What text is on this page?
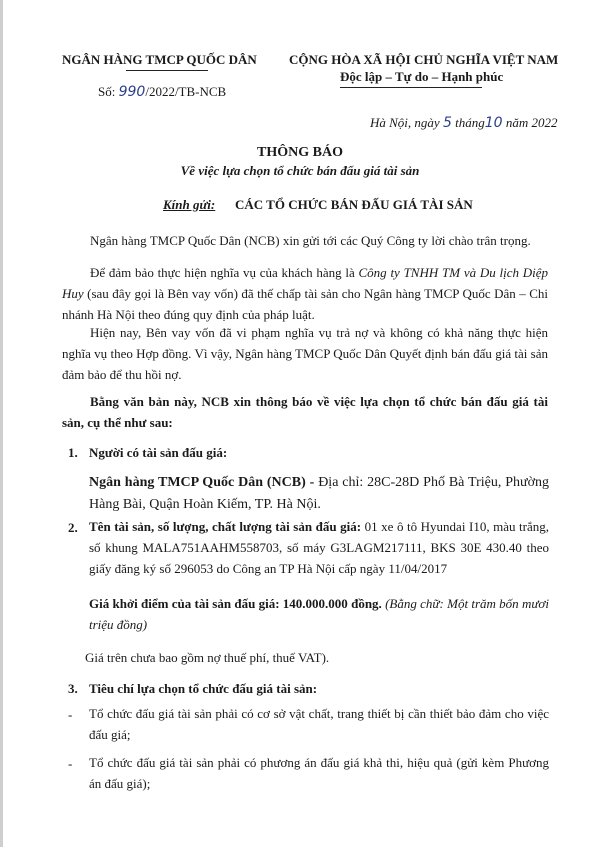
NGÂN HÀNG TMCP QUỐC DÂN
Số: 990/2022/TB-NCB
CỘNG HÒA XÃ HỘI CHỦ NGHĨA VIỆT NAM
Độc lập – Tự do – Hạnh phúc
Hà Nội, ngày 5 tháng10 năm 2022
THÔNG BÁO
Về việc lựa chọn tổ chức bán đấu giá tài sản
Kính gửi: CÁC TỔ CHỨC BÁN ĐẤU GIÁ TÀI SẢN
Ngân hàng TMCP Quốc Dân (NCB) xin gửi tới các Quý Công ty lời chào trân trọng.
Để đảm bảo thực hiện nghĩa vụ của khách hàng là Công ty TNHH TM và Du lịch Diệp Huy (sau đây gọi là Bên vay vốn) đã thế chấp tài sản cho Ngân hàng TMCP Quốc Dân – Chi nhánh Hà Nội theo đúng quy định của pháp luật.
Hiện nay, Bên vay vốn đã vi phạm nghĩa vụ trả nợ và không có khả năng thực hiện nghĩa vụ theo Hợp đồng. Vì vậy, Ngân hàng TMCP Quốc Dân Quyết định bán đấu giá tài sản đảm bảo để thu hồi nợ.
Bằng văn bản này, NCB xin thông báo về việc lựa chọn tổ chức bán đấu giá tài sản, cụ thể như sau:
1. Người có tài sản đấu giá:
Ngân hàng TMCP Quốc Dân (NCB) - Địa chỉ: 28C-28D Phố Bà Triệu, Phường Hàng Bài, Quận Hoàn Kiếm, TP. Hà Nội.
2. Tên tài sản, số lượng, chất lượng tài sản đấu giá: 01 xe ô tô Hyundai I10, màu trắng, số khung MALA751AAHM558703, số máy G3LAGM217111, BKS 30E 430.40 theo giấy đăng ký số 296053 do Công an TP Hà Nội cấp ngày 11/04/2017
Giá khởi điểm của tài sản đấu giá: 140.000.000 đồng. (Bằng chữ: Một trăm bốn mươi triệu đồng)
Giá trên chưa bao gồm nợ thuế phí, thuế VAT).
3. Tiêu chí lựa chọn tổ chức đấu giá tài sản:
- Tổ chức đấu giá tài sản phải có cơ sở vật chất, trang thiết bị cần thiết bảo đảm cho việc đấu giá;
- Tổ chức đấu giá tài sản phải có phương án đấu giá khả thi, hiệu quả (gửi kèm Phương án đấu giá);
